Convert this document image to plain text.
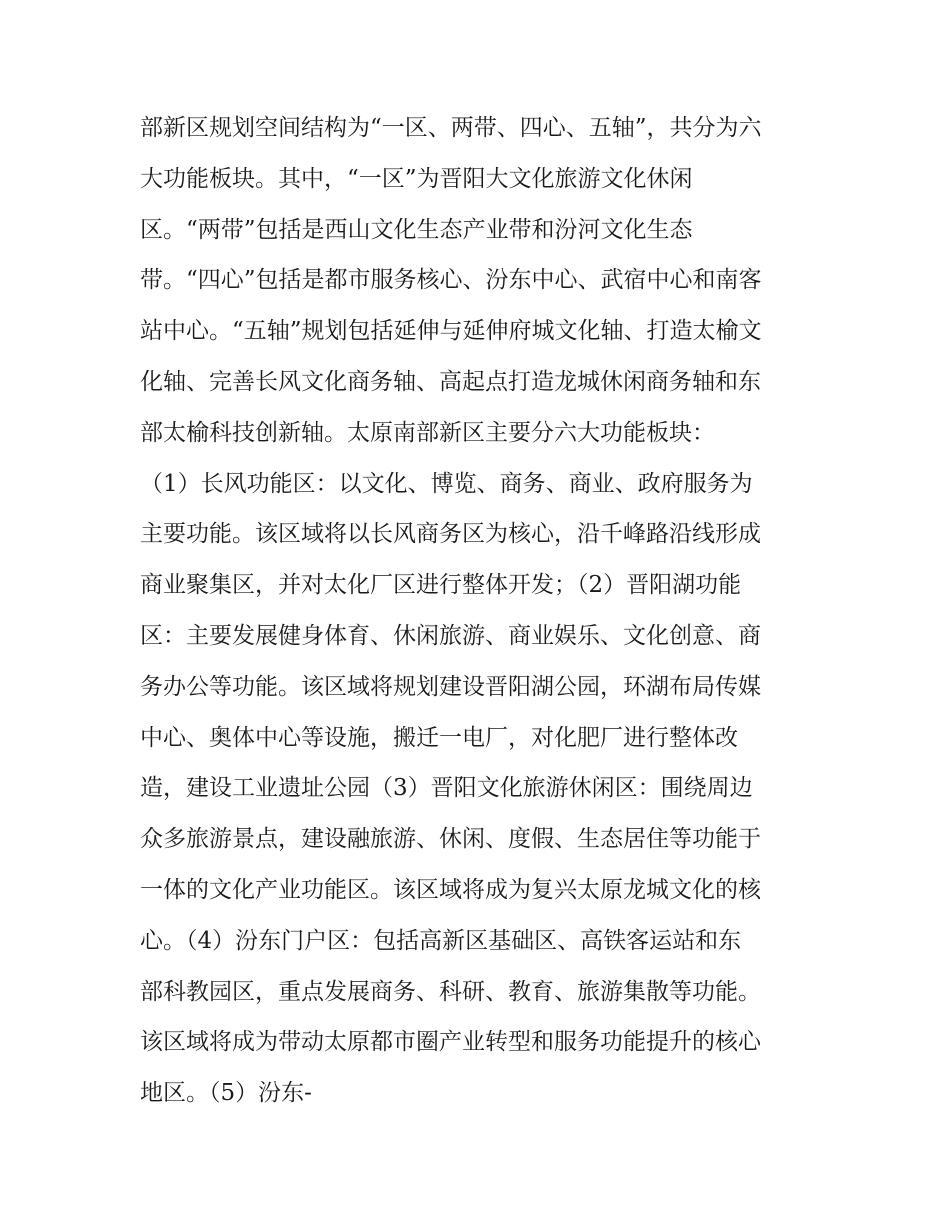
部新区规划空间结构为“一区、两带、四心、五轴”，共分为六
大功能板块。其中，“一区”为晋阳大文化旅游文化休闲
区。“两带”包括是西山文化生态产业带和汾河文化生态
带。“四心”包括是都市服务核心、汾东中心、武宿中心和南客
站中心。“五轴”规划包括延伸与延伸府城文化轴、打造太榆文
化轴、完善长风文化商务轴、高起点打造龙城休闲商务轴和东
部太榆科技创新轴。太原南部新区主要分六大功能板块：
（1）长风功能区：以文化、博览、商务、商业、政府服务为
主要功能。该区域将以长风商务区为核心，沿千峰路沿线形成
商业聚集区，并对太化厂区进行整体开发；（2）晋阳湖功能
区：主要发展健身体育、休闲旅游、商业娱乐、文化创意、商
务办公等功能。该区域将规划建设晋阳湖公园，环湖布局传媒
中心、奥体中心等设施，搬迁一电厂，对化肥厂进行整体改
造，建设工业遗址公园（3）晋阳文化旅游休闲区：围绕周边
众多旅游景点，建设融旅游、休闲、度假、生态居住等功能于
一体的文化产业功能区。该区域将成为复兴太原龙城文化的核
心。（4）汾东门户区：包括高新区基础区、高铁客运站和东
部科教园区，重点发展商务、科研、教育、旅游集散等功能。
该区域将成为带动太原都市圈产业转型和服务功能提升的核心
地区。（5）汾东-
